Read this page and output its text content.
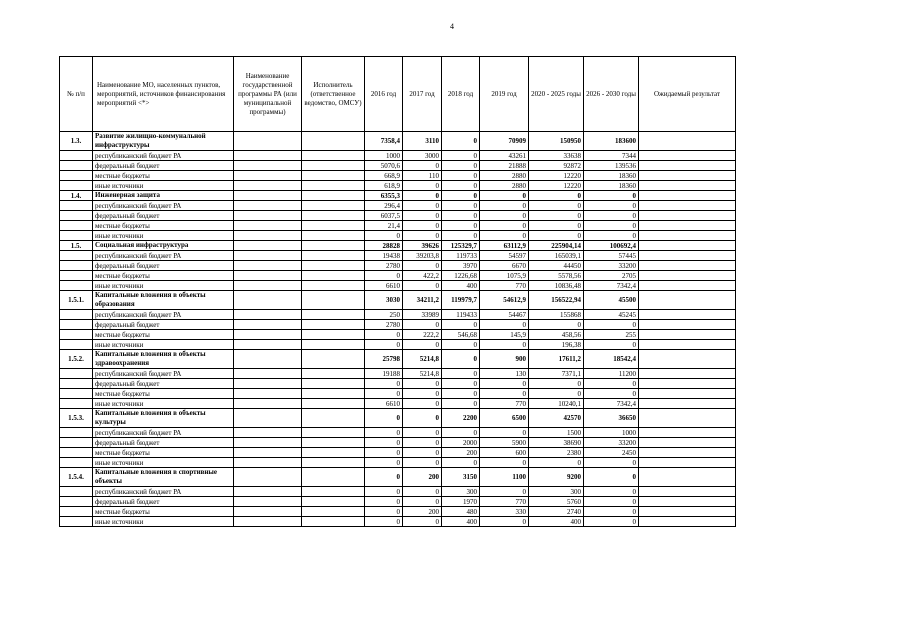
4
№ п/п	Наименование МО, населенных пунктов, мероприятий, источников финансирования мероприятий <*>	Наименование государственной программы РА (или муниципальной программы)	Исполнитель (ответственное ведомство, ОМСУ)	2016 год	2017 год	2018 год	2019 год	2020 - 2025 годы	2026 - 2030 годы	Ожидаемый результат
1.3.	Развитие жилищно-коммунальной инфраструктуры			7358,4	3110	0	70909	150950	183600	
	республиканский бюджет РА			1000	3000	0	43261	33638	7344	
	федеральный бюджет			5070,6	0	0	21888	92872	139536	
	местные бюджеты			668,9	110	0	2880	12220	18360	
	иные источники			618,9	0	0	2880	12220	18360	
1.4.	Инженерная защита			6355,3	0	0	0	0	0	
	республиканский бюджет РА			296,4	0	0	0	0	0	
	федеральный бюджет			6037,5	0	0	0	0	0	
	местные бюджеты			21,4	0	0	0	0	0	
	иные источники			0	0	0	0	0	0	
1.5.	Социальная инфраструктура			28828	39626	125329,7	63112,9	225904,14	100692,4	
	республиканский бюджет РА			19438	39203,8	119733	54597	165039,1	57445	
	федеральный бюджет			2780	0	3970	6670	44450	33200	
	местные бюджеты			0	422,2	1226,68	1075,9	5578,56	2705	
	иные источники			6610	0	400	770	10836,48	7342,4	
1.5.1.	Капитальные вложения в объекты образования			3030	34211,2	119979,7	54612,9	156522,94	45500	
	республиканский бюджет РА			250	33989	119433	54467	155868	45245	
	федеральный бюджет			2780	0	0	0	0	0	
	местные бюджеты			0	222,2	546,68	145,9	458,56	255	
	иные источники			0	0	0	0	196,38	0	
1.5.2.	Капитальные вложения в объекты здравоохранения			25798	5214,8	0	900	17611,2	18542,4	
	республиканский бюджет РА			19188	5214,8	0	130	7371,1	11200	
	федеральный бюджет			0	0	0	0	0	0	
	местные бюджеты			0	0	0	0	0	0	
	иные источники			6610	0	0	770	10240,1	7342,4	
1.5.3.	Капитальные вложения в объекты культуры			0	0	2200	6500	42570	36650	
	республиканский бюджет РА			0	0	0	0	1500	1000	
	федеральный бюджет			0	0	2000	5900	38690	33200	
	местные бюджеты			0	0	200	600	2380	2450	
	иные источники			0	0	0	0	0	0	
1.5.4.	Капитальные вложения в спортивные объекты			0	200	3150	1100	9200	0	
	республиканский бюджет РА			0	0	300	0	300	0	
	федеральный бюджет			0	0	1970	770	5760	0	
	местные бюджеты			0	200	480	330	2740	0	
	иные источники			0	0	400	0	400	0	
